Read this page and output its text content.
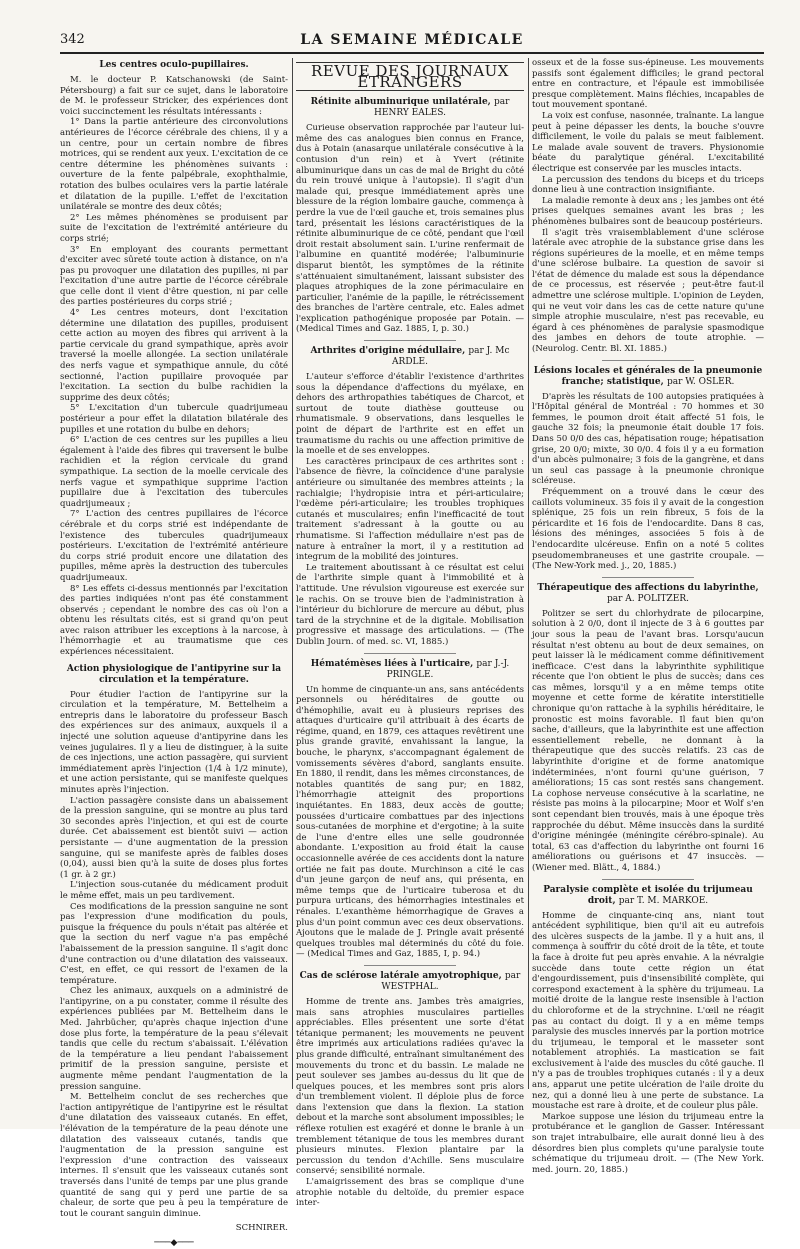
342	LA SEMAINE MÉDICALE
Les centres oculo-pupillaires.

M. le docteur P. Katschanowski (de Saint-Pétersbourg) a fait sur ce sujet, dans le laboratoire de M. le professeur Stricker, des expériences dont voici succinctement les résultats intéressants :

1° Dans la partie antérieure des circonvolutions antérieures de l'écorce cérébrale des chiens, il y a un centre, pour un certain nombre de fibres motrices, qui se rendent aux yeux. L'excitation de ce centre détermine les phénomènes suivants : ouverture de la fente palpébrale, exophthalmie, rotation des bulbes oculaires vers la partie latérale et dilatation de la pupille. L'effet de l'excitation unilatérale se montre des deux côtés;

2° Les mêmes phénomènes se produisent par suite de l'excitation de l'extrémité antérieure du corps strié;

3° En employant des courants permettant d'exciter avec sûreté toute action à distance, on n'a pas pu provoquer une dilatation des pupilles, ni par l'excitation d'une autre partie de l'écorce cérébrale que celle dont il vient d'être question, ni par celle des parties postérieures du corps strié ;

4° Les centres moteurs, dont l'excitation détermine une dilatation des pupilles, produisent cette action au moyen des fibres qui arrivent à la partie cervicale du grand sympathique, après avoir traversé la moelle allongée. La section unilatérale des nerfs vague et sympathique annule, du côté sectionné, l'action pupillaire provoquée par l'excitation. La section du bulbe rachidien la supprime des deux côtés;

5° L'excitation d'un tubercule quadrijumeau postérieur a pour effet la dilatation bilatérale des pupilles et une rotation du bulbe en dehors;

6° L'action de ces centres sur les pupilles a lieu également à l'aide des fibres qui traversent le bulbe rachidien et la région cervicale du grand sympathique. La section de la moelle cervicale des nerfs vague et sympathique supprime l'action pupillaire due à l'excitation des tubercules quadrijumeaux ;

7° L'action des centres pupillaires de l'écorce cérébrale et du corps strié est indépendante de l'existence des tubercules quadrijumeaux postérieurs. L'excitation de l'extrémité antérieure du corps strié produit encore une dilatation des pupilles, même après la destruction des tubercules quadrijumeaux.

8° Les effets ci-dessus mentionnés par l'excitation des parties indiquées n'ont pas été constamment observés ; cependant le nombre des cas où l'on a obtenu les résultats cités, est si grand qu'on peut avec raison attribuer les exceptions à la narcose, à l'hémorrhagie et au traumatisme que ces expériences nécessitaient.

Action physiologique de l'antipyrine sur la circulation et la température.

Pour étudier l'action de l'antipyrine sur la circulation et la température, M. Bettelheim a entrepris dans le laboratoire du professeur Basch des expériences sur des animaux, auxquels il a injecté une solution aqueuse d'antipyrine dans les veines jugulaires. Il y a lieu de distinguer, à la suite de ces injections, une action passagère, qui survient immédiatement après l'injection (1/4 à 1/2 minute), et une action persistante, qui se manifeste quelques minutes après l'injection.

L'action passagère consiste dans un abaissement de la pression sanguine, qui se montre au plus tard 30 secondes après l'injection, et qui est de courte durée. Cet abaissement est bientôt suivi — action persistante — d'une augmentation de la pression sanguine, qui se manifeste après de faibles doses (0,04), aussi bien qu'à la suite de doses plus fortes (1 gr. à 2 gr.)

L'injection sous-cutanée du médicament produit le même effet, mais un peu tardivement.

Ces modifications de la pression sanguine ne sont pas l'expression d'une modification du pouls, puisque la fréquence du pouls n'était pas altérée et que la section du nerf vague n'a pas empêché l'abaissement de la pression sanguine. Il s'agit donc d'une contraction ou d'une dilatation des vaisseaux. C'est, en effet, ce qui ressort de l'examen de la température.

Chez les animaux, auxquels on a administré de l'antipyrine, on a pu constater, comme il résulte des expériences publiées par M. Bettelheim dans le Med. Jahrbücher, qu'après chaque injection d'une dose plus forte, la température de la peau s'élevait tandis que celle du rectum s'abaissait. L'élévation de la température a lieu pendant l'abaissement primitif de la pression sanguine, persiste et augmente même pendant l'augmentation de la pression sanguine.

M. Bettelheim conclut de ses recherches que l'action antipyrétique de l'antipyrine est le résultat d'une dilatation des vaisseaux cutanés. En effet, l'élévation de la température de la peau dénote une dilatation des vaisseaux cutanés, tandis que l'augmentation de la pression sanguine est l'expression d'une contraction des vaisseaux internes. Il s'ensuit que les vaisseaux cutanés sont traversés dans l'unité de temps par une plus grande quantité de sang qui y perd une partie de sa chaleur, de sorte que peu à peu la température de tout le courant sanguin diminue.

SCHNIRER.
───◆───
REVUE DES JOURNAUX ÉTRANGERS
Rétinite albuminurique unilatérale, par HENRY EALES.

Curieuse observation rapprochée par l'auteur lui-même des cas analogues bien connus en France, dus à Potain (anasarque unilatérale consécutive à la contusion d'un rein) et à Yvert (rétinite albuminurique dans un cas de mal de Bright du côté du rein trouvé unique à l'autopsie). Il s'agit d'un malade qui, presque immédiatement après une blessure de la région lombaire gauche, commença à perdre la vue de l'œil gauche et, trois semaines plus tard, présentait les lésions caractéristiques de la rétinite albuminurique de ce côté, pendant que l'œil droit restait absolument sain. L'urine renfermait de l'albumine en quantité modérée; l'albuminurie disparut bientôt, les symptômes de la rétinite s'atténuaient simultanément, laissant subsister des plaques atrophiques de la zone périmaculaire en particulier, l'anémie de la papille, le rétrécissement des branches de l'artère centrale, etc. Eales admet l'explication pathogénique proposée par Potain. — (Medical Times and Gaz. 1885, I, p. 30.)

Arthrites d'origine médullaire, par J. Mc ARDLE.

L'auteur s'efforce d'établir l'existence d'arthrites sous la dépendance d'affections du myélaxe, en dehors des arthropathies tabétiques de Charcot, et surtout de toute diathèse goutteuse ou rhumatismale. 9 observations, dans lesquelles le point de départ de l'arthrite est en effet un traumatisme du rachis ou une affection primitive de la moelle et de ses enveloppes.

Les caractères principaux de ces arthrites sont : l'absence de fièvre, la coïncidence d'une paralysie antérieure ou simultanée des membres atteints ; la rachialgie; l'hydropisie intra et péri-articulaire; l'œdème péri-articulaire; les troubles trophiques cutanés et musculaires; enfin l'inefficacité de tout traitement s'adressant à la goutte ou au rhumatisme. Si l'affection médullaire n'est pas de nature à entraîner la mort, il y a restitution ad integrum de la mobilité des jointures.

Le traitement aboutissant à ce résultat est celui de l'arthrite simple quant à l'immobilité et à l'attitude. Une révulsion vigoureuse est exercée sur le rachis. On se trouve bien de l'administration à l'intérieur du bichlorure de mercure au début, plus tard de la strychnine et de la digitale. Mobilisation progressive et massage des articulations. — (The Dublin Journ. of med. sc. VI, 1885.)

Hématémèses liées à l'urticaire, par J.-J. PRINGLE.

Un homme de cinquante-un ans, sans antécédents personnels ou héréditaires de goutte ou d'hémophilie, avait eu à plusieurs reprises des attaques d'urticaire qu'il attribuait à des écarts de régime, quand, en 1879, ces attaques revêtirent une plus grande gravité, envahissant la langue, la bouche, le pharynx, s'accompagnant également de vomissements sévères d'abord, sanglants ensuite. En 1880, il rendit, dans les mêmes circonstances, de notables quantités de sang pur; en 1882, l'hémorrhagie atteignit des proportions inquiétantes. En 1883, deux accès de goutte; poussées d'urticaire combattues par des injections sous-cutanées de morphine et d'ergotine; à la suite de l'une d'entre elles une selle goudronnée abondante. L'exposition au froid était la cause occasionnelle avérée de ces accidents dont la nature ortiée ne fait pas doute. Murchinson a cité le cas d'un jeune garçon de neuf ans, qui présenta, en même temps que de l'urticaire tuberosa et du purpura urticans, des hémorrhagies intestinales et rénales. L'exanthème hémorrhagique de Graves a plus d'un point commun avec ces deux observations. Ajoutons que le malade de J. Pringle avait présenté quelques troubles mal déterminés du côté du foie. — (Medical Times and Gaz, 1885, I, p. 94.)

Cas de sclérose latérale amyotrophique, par WESTPHAL.

Homme de trente ans. Jambes très amaigries, mais sans atrophies musculaires partielles appréciables. Elles présentent une sorte d'état tétanique permanent; les mouvements ne peuvent être imprimés aux articulations radiées qu'avec la plus grande difficulté, entraînant simultanément des mouvements du tronc et du bassin. Le malade ne peut soulever ses jambes au-dessus du lit que de quelques pouces, et les membres sont pris alors d'un tremblement violent. Il déploie plus de force dans l'extension que dans la flexion. La station debout et la marche sont absolument impossibles; le réflexe rotulien est exagéré et donne le branle à un tremblement tétanique de tous les membres durant plusieurs minutes. Flexion plantaire par la percussion du tendon d'Achille. Sens musculaire conservé; sensibilité normale.

L'amaigrissement des bras se complique d'une atrophie notable du deltoïde, du premier espace inter-

osseux et de la fosse sus-épineuse. Les mouvements passifs sont également difficiles; le grand pectoral entre en contracture, et l'épaule est immobilisée presque complètement. Mains fléchies, incapables de tout mouvement spontané.

La voix est confuse, nasonnée, traînante. La langue peut à peine dépasser les dents, la bouche s'ouvre difficilement, le voile du palais se meut faiblement. Le malade avale souvent de travers. Physionomie béate du paralytique général. L'excitabilité électrique est conservée par les muscles intacts.

La percussion des tendons du biceps et du triceps donne lieu à une contraction insignifiante.

La maladie remonte à deux ans ; les jambes ont été prises quelques semaines avant les bras ; les phénomènes bulbaires sont de beaucoup postérieurs.

Il s'agit très vraisemblablement d'une sclérose latérale avec atrophie de la substance grise dans les régions supérieures de la moelle, et en même temps d'une sclérose bulbaire. La question de savoir si l'état de démence du malade est sous la dépendance de ce processus, est réservée ; peut-être faut-il admettre une sclérose multiple. L'opinion de Leyden, qui ne veut voir dans les cas de cette nature qu'une simple atrophie musculaire, n'est pas recevable, eu égard à ces phénomènes de paralysie spasmodique des jambes en dehors de toute atrophie. — (Neurolog. Centr. Bl. XI. 1885.)

Lésions locales et générales de la pneumonie franche; statistique, par W. OSLER.

D'après les résultats de 100 autopsies pratiquées à l'Hôpital général de Montréal : 70 hommes et 30 femmes, le poumon droit était affecté 51 fois, le gauche 32 fois; la pneumonie était double 17 fois. Dans 50 0/0 des cas, hépatisation rouge; hépatisation grise, 20 0/0; mixte, 30 0/0. 4 fois il y a eu formation d'un abcès pulmonaire; 3 fois de la gangrène, et dans un seul cas passage à la pneumonie chronique scléreuse.

Fréquemment on a trouvé dans le cœur des caillots volumineux. 35 fois il y avait de la congestion splénique, 25 fois un rein fibreux, 5 fois de la péricardite et 16 fois de l'endocardite. Dans 8 cas, lésions des méninges, associées 5 fois à de l'endocardite ulcéreuse. Enfin on a noté 5 colites pseudomembraneuses et une gastrite croupale. — (The New-York med. j., 20, 1885.)

Thérapeutique des affections du labyrinthe, par A. POLITZER.

Politzer se sert du chlorhydrate de pilocarpine, solution à 2 0/0, dont il injecte de 3 à 6 gouttes par jour sous la peau de l'avant bras. Lorsqu'aucun résultat n'est obtenu au bout de deux semaines, on peut laisser là le médicament comme définitivement inefficace. C'est dans la labyrinthite syphilitique récente que l'on obtient le plus de succès; dans ces cas mêmes, lorsqu'il y a en même temps otite moyenne et cette forme de kératite interstitielle chronique qu'on rattache à la syphilis héréditaire, le pronostic est moins favorable. Il faut bien qu'on sache, d'ailleurs, que la labyrinthite est une affection essentiellement rebelle, ne donnant à la thérapeutique que des succès relatifs. 23 cas de labyrinthite d'origine et de forme anatomique indéterminées, n'ont fourni qu'une guérison, 7 améliorations; 15 cas sont restés sans changement. La cophose nerveuse consécutive à la scarlatine, ne résiste pas moins à la pilocarpine; Moor et Wolf s'en sont cependant bien trouvés, mais à une époque très rapprochée du début. Même insuccès dans la surdité d'origine méningée (méningite cérébro-spinale). Au total, 63 cas d'affection du labyrinthe ont fourni 16 améliorations ou guérisons et 47 insuccès. — (Wiener med. Blätt., 4, 1884.)

Paralysie complète et isolée du trijumeau droit, par T. M. MARKOE.

Homme de cinquante-cinq ans, niant tout antécédent syphilitique, bien qu'il ait eu autrefois des ulcères suspects de la jambe. Il y a huit ans, il commença à souffrir du côté droit de la tête, et toute la face à droite fut peu après envahie. A la névralgie succède dans toute cette région un état d'engourdissement, puis d'insensibilité complète, qui correspond exactement à la sphère du trijumeau. La moitié droite de la langue reste insensible à l'action du chloroforme et de la strychnine. L'œil ne réagit pas au contact du doigt. Il y a en même temps paralysie des muscles innervés par la portion motrice du trijumeau, le temporal et le masseter sont notablement atrophiés. La mastication se fait exclusivement à l'aide des muscles du côté gauche. Il n'y a pas de troubles trophiques cutanés : il y a deux ans, apparut une petite ulcération de l'aile droite du nez, qui a donné lieu à une perte de substance. La moustache est rare à droite, et de couleur plus pâle.

Markoe suppose une lésion du trijumeau entre la protubérance et le ganglion de Gasser. Intéressant son trajet intrabulbaire, elle aurait donné lieu à des désordres bien plus complets qu'une paralysie toute schématique du trijumeau droit. — (The New York. med. journ. 20, 1885.)
